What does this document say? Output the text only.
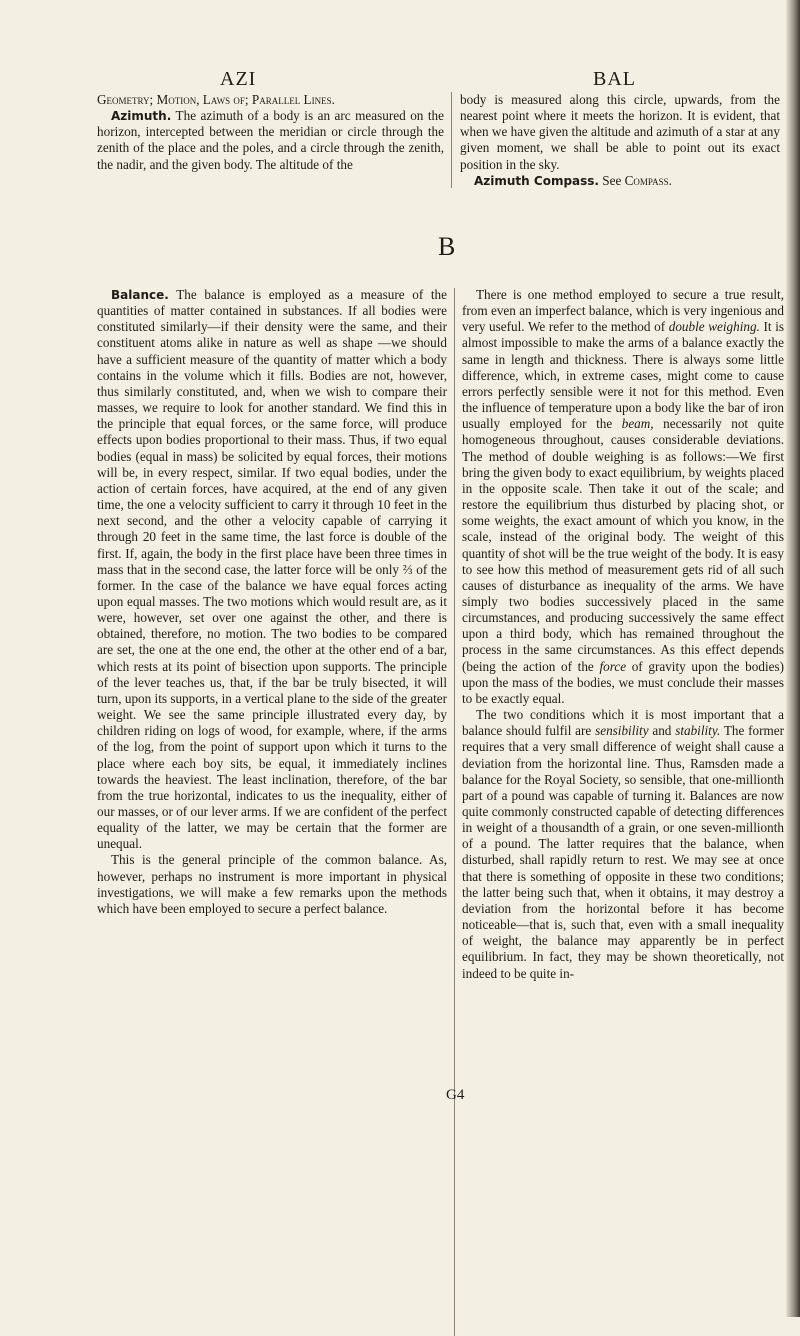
AZI	BAL

Geometry; Motion, Laws of; Parallel Lines.

Azimuth. The azimuth of a body is an arc measured on the horizon, intercepted between the meridian or circle through the zenith of the place and the poles, and a circle through the zenith, the nadir, and the given body. The altitude of the

body is measured along this circle, upwards, from the nearest point where it meets the horizon. It is evident, that when we have given the altitude and azimuth of a star at any given moment, we shall be able to point out its exact position in the sky.

Azimuth Compass. See Compass.

B

Balance. The balance is employed as a measure of the quantities of matter contained in substances. If all bodies were constituted similarly—if their density were the same, and their constituent atoms alike in nature as well as shape —we should have a sufficient measure of the quantity of matter which a body contains in the volume which it fills. Bodies are not, however, thus similarly constituted, and, when we wish to compare their masses, we require to look for another standard. We find this in the principle that equal forces, or the same force, will produce effects upon bodies proportional to their mass. Thus, if two equal bodies (equal in mass) be solicited by equal forces, their motions will be, in every respect, similar. If two equal bodies, under the action of certain forces, have acquired, at the end of any given time, the one a velocity sufficient to carry it through 10 feet in the next second, and the other a velocity capable of carrying it through 20 feet in the same time, the last force is double of the first. If, again, the body in the first place have been three times in mass that in the second case, the latter force will be only ⅔ of the former. In the case of the balance we have equal forces acting upon equal masses. The two motions which would result are, as it were, however, set over one against the other, and there is obtained, therefore, no motion. The two bodies to be compared are set, the one at the one end, the other at the other end of a bar, which rests at its point of bisection upon supports. The principle of the lever teaches us, that, if the bar be truly bisected, it will turn, upon its supports, in a vertical plane to the side of the greater weight. We see the same principle illustrated every day, by children riding on logs of wood, for example, where, if the arms of the log, from the point of support upon which it turns to the place where each boy sits, be equal, it immediately inclines towards the heaviest. The least inclination, therefore, of the bar from the true horizontal, indicates to us the inequality, either of our masses, or of our lever arms. If we are confident of the perfect equality of the latter, we may be certain that the former are unequal.

This is the general principle of the common balance. As, however, perhaps no instrument is more important in physical investigations, we will make a few remarks upon the methods which have been employed to secure a perfect balance.

There is one method employed to secure a true result, from even an imperfect balance, which is very ingenious and very useful. We refer to the method of double weighing. It is almost impossible to make the arms of a balance exactly the same in length and thickness. There is always some little difference, which, in extreme cases, might come to cause errors perfectly sensible were it not for this method. Even the influence of temperature upon a body like the bar of iron usually employed for the beam, necessarily not quite homogeneous throughout, causes considerable deviations. The method of double weighing is as follows:—We first bring the given body to exact equilibrium, by weights placed in the opposite scale. Then take it out of the scale; and restore the equilibrium thus disturbed by placing shot, or some weights, the exact amount of which you know, in the scale, instead of the original body. The weight of this quantity of shot will be the true weight of the body. It is easy to see how this method of measurement gets rid of all such causes of disturbance as inequality of the arms. We have simply two bodies successively placed in the same circumstances, and producing successively the same effect upon a third body, which has remained throughout the process in the same circumstances. As this effect depends (being the action of the force of gravity upon the bodies) upon the mass of the bodies, we must conclude their masses to be exactly equal.

The two conditions which it is most important that a balance should fulfil are sensibility and stability. The former requires that a very small difference of weight shall cause a deviation from the horizontal line. Thus, Ramsden made a balance for the Royal Society, so sensible, that one-millionth part of a pound was capable of turning it. Balances are now quite commonly constructed capable of detecting differences in weight of a thousandth of a grain, or one seven-millionth of a pound. The latter requires that the balance, when disturbed, shall rapidly return to rest. We may see at once that there is something of opposite in these two conditions; the latter being such that, when it obtains, it may destroy a deviation from the horizontal before it has become noticeable—that is, such that, even with a small inequality of weight, the balance may apparently be in perfect equilibrium. In fact, they may be shown theoretically, not indeed to be quite in-

G4
